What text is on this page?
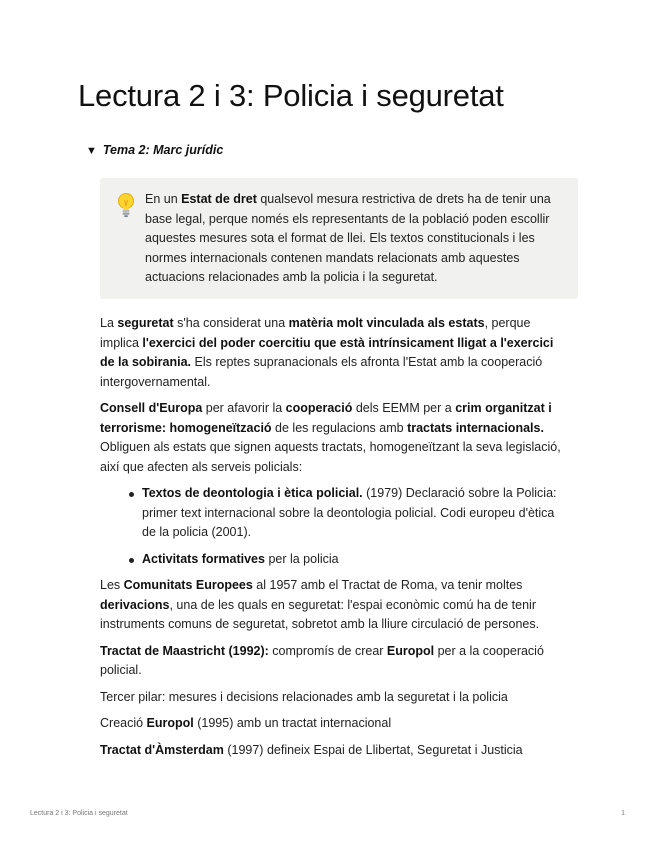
Lectura 2 i 3: Policia i seguretat
▼ Tema 2: Marc jurídic
En un Estat de dret qualsevol mesura restrictiva de drets ha de tenir una base legal, perque només els representants de la població poden escollir aquestes mesures sota el format de llei. Els textos constitucionals i les normes internacionals contenen mandats relacionats amb aquestes actuacions relacionades amb la policia i la seguretat.

La seguretat s'ha considerat una matèria molt vinculada als estats, perque implica l'exercici del poder coercitiu que està intrínsicament lligat a l'exercici de la sobirania. Els reptes supranacionals els afronta l'Estat amb la cooperació intergovernamental.

Consell d'Europa per afavorir la cooperació dels EEMM per a crim organitzat i terrorisme: homogeneïtzació de les regulacions amb tractats internacionals. Obliguen als estats que signen aquests tractats, homogeneïtzant la seva legislació, així que afecten als serveis policials:

Textos de deontologia i ètica policial. (1979) Declaració sobre la Policia: primer text internacional sobre la deontologia policial. Codi europeu d'ètica de la policia (2001).
Activitats formatives per la policia

Les Comunitats Europees al 1957 amb el Tractat de Roma, va tenir moltes derivacions, una de les quals en seguretat: l'espai econòmic comú ha de tenir instruments comuns de seguretat, sobretot amb la lliure circulació de persones.

Tractat de Maastricht (1992): compromís de crear Europol per a la cooperació policial.

Tercer pilar: mesures i decisions relacionades amb la seguretat i la policia

Creació Europol (1995) amb un tractat internacional

Tractat d'Àmsterdam (1997) defineix Espai de Llibertat, Seguretat i Justicia

Lectura 2 i 3: Policia i seguretat	1
